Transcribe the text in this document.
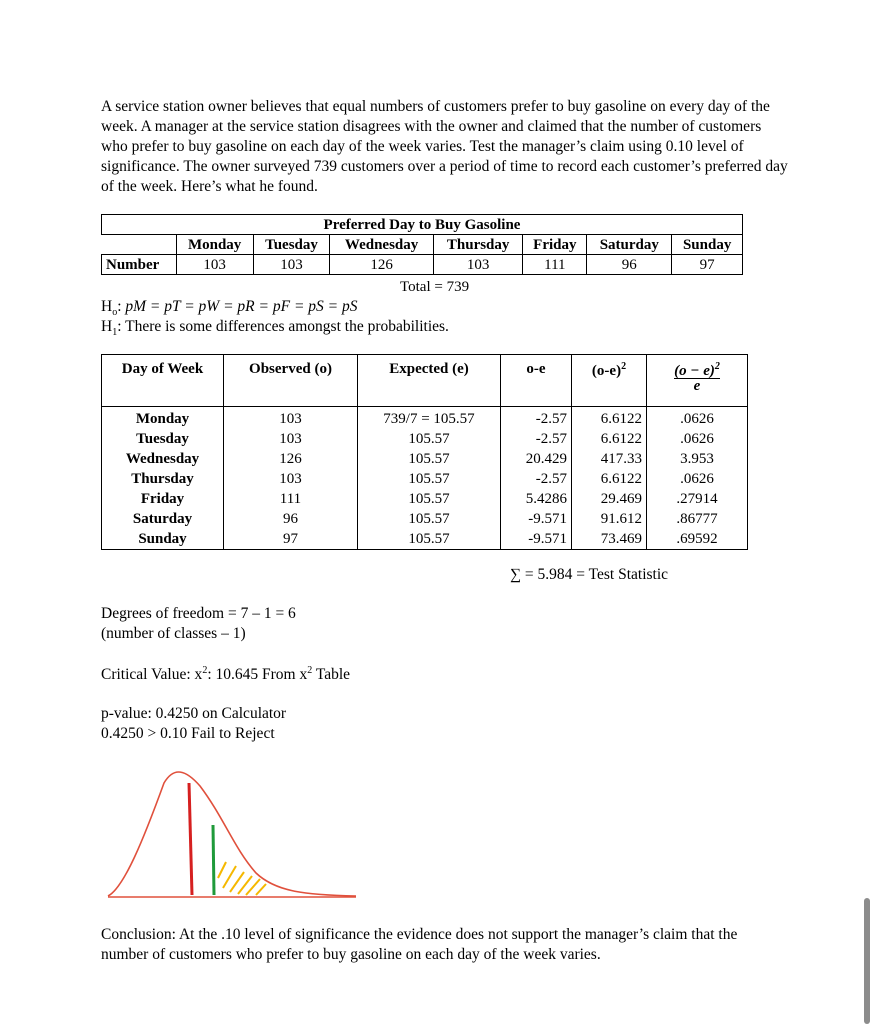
A service station owner believes that equal numbers of customers prefer to buy gasoline on every day of the week. A manager at the service station disagrees with the owner and claimed that the number of customers who prefer to buy gasoline on each day of the week varies. Test the manager’s claim using 0.10 level of significance. The owner surveyed 739 customers over a period of time to record each customer’s preferred day of the week. Here’s what he found.

Preferred Day to Buy Gasoline							
	Monday	Tuesday	Wednesday	Thursday	Friday	Saturday	Sunday
Number	103	103	126	103	111	96	97
Total = 739
$H_o$: pM = pT = pW = pR = pF = pS = pS
$H_1$: There is some differences amongst the probabilities.
Day of Week	Observed (o)	Expected (e)	o-e	$(o-e)^2$	$(o - e)^2$
e

Monday	103	739/7 = 105.57	-2.57	6.6122	.0626
Tuesday	103	105.57	-2.57	6.6122	.0626
Wednesday	126	105.57	20.429	417.33	3.953
Thursday	103	105.57	-2.57	6.6122	.0626
Friday	111	105.57	5.4286	29.469	.27914
Saturday	96	105.57	-9.571	91.612	.86777
Sunday	97	105.57	-9.571	73.469	.69592
∑ = 5.984 = Test Statistic
Degrees of freedom = 7 – 1 = 6
(number of classes – 1)
Critical Value: $x^2$: 10.645 From $x^2$ Table
p-value: 0.4250 on Calculator
0.4250 > 0.10 Fail to Reject

Conclusion: At the .10 level of significance the evidence does not support the manager’s claim that the number of customers who prefer to buy gasoline on each day of the week varies.
